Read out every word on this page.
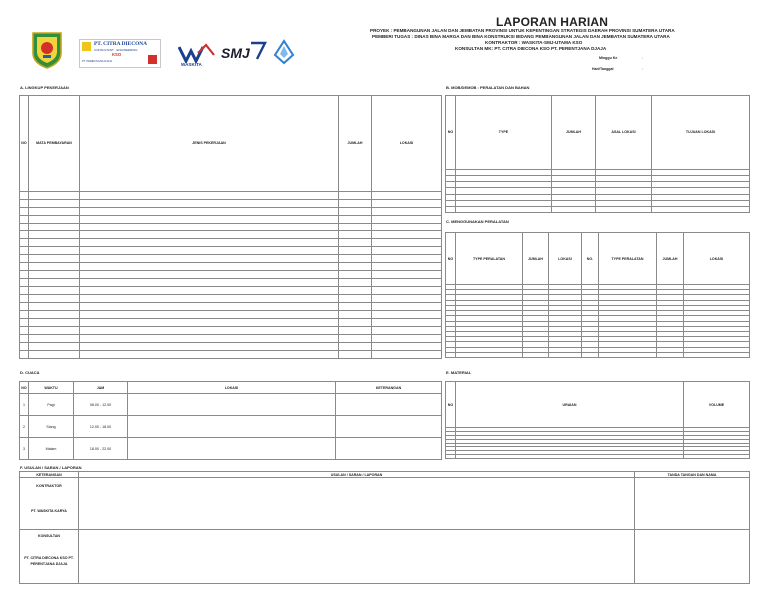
PT. CITRA DIECONA
CONSULTANT · ENGINEERING
KSO
PT. PERENTJANA DJAJA
WASKITA
SMJ
LAPORAN HARIAN
PROYEK : PEMBANGUNAN JALAN DAN JEMBATAN PROVINSI UNTUK KEPENTINGAN STRATEGIS DAERAH PROVINSI SUMATERA UTARA
PEMBERI TUGAS : DINAS BINA MARGA DAN BINA KONSTRUKSI BIDANG PEMBANGUNAN JALAN DAN JEMBATAN SUMATERA UTARA
KONTRAKTOR : WASKITA-SMJ-UTAMA KSO
KONSULTAN MK: PT. CITRA DIECONA KSO PT. PERENTJANA DJAJA
Minggu Ke	:
Hari/Tanggal	:
A. LINGKUP PEKERJAAN
NO	MATA PEMBAYARAN	JENIS PEKERJAAN	JUMLAH	LOKASI

B. MOB/DEMOB : PERALATAN DAN BAHAN
NO	TYPE	JUMLAH	ASAL LOKASI	TUJUAN LOKASI

C. MENGGUNAKAN PERALATAN
NO	TYPE PERALATAN	JUMLAH	LOKASI	NO.	TYPE PERALATAN	JUMLAH	LOKASI

D. CUACA
NO	WAKTU	JAM	LOKASI	KETERANGAN
1	Pagi	08.00 - 12.00		
2	Siang	12.00 - 18.00		
3	Malam	18.00 - 22.00		
E. MATERIAL
NO	URAIAN	VOLUME

F. USULAN / SARAN / LAPORAN
KETERANGAN	USULAN / SARAN / LAPORAN	TANDA TANGAN DAN NAMA

KONTRAKTOR
PT. WASKITA KARYA		

KONSULTAN
PT. CITRA DIECONA KSO PT.
PERENTJANA DJAJA		
